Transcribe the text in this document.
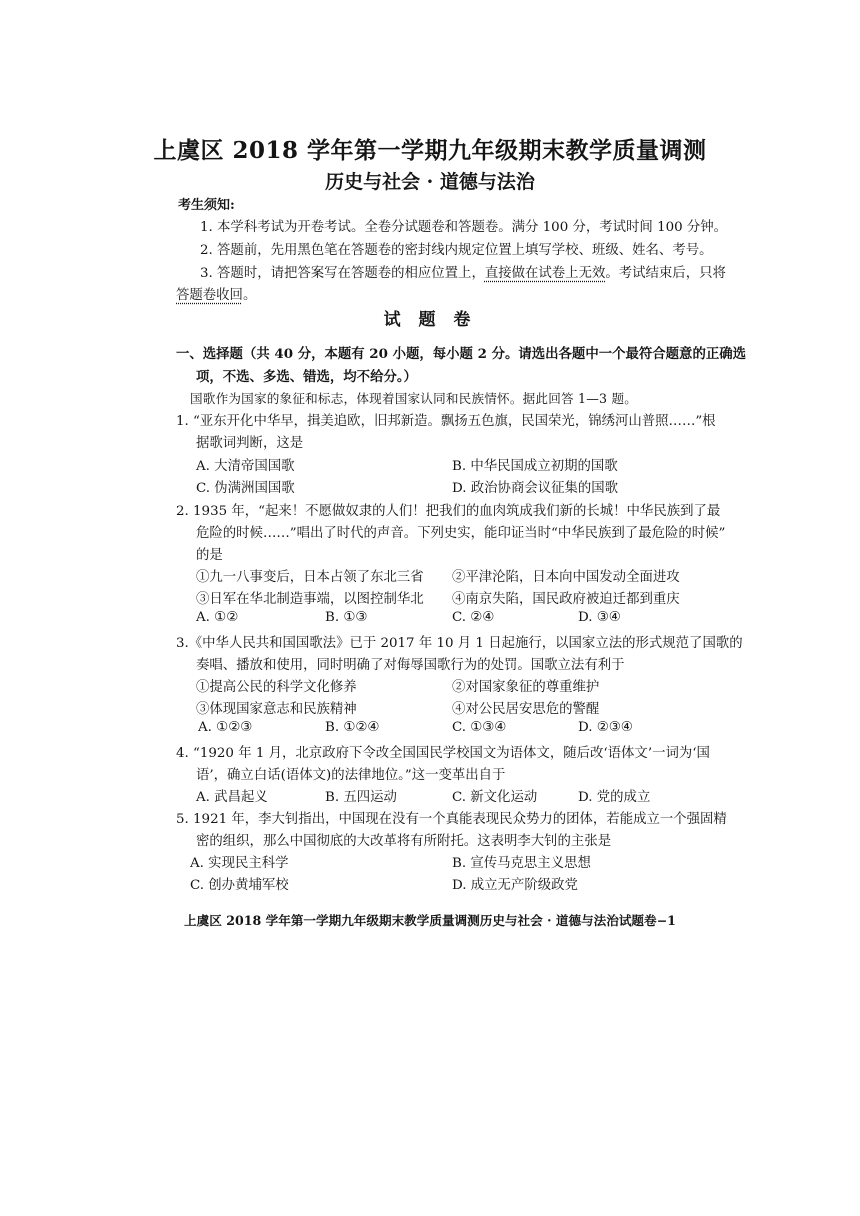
上虞区 2018 学年第一学期九年级期末教学质量调测
历史与社会 · 道德与法治
考生须知:
1. 本学科考试为开卷考试。全卷分试题卷和答题卷。满分 100 分，考试时间 100 分钟。
2. 答题前，先用黑色笔在答题卷的密封线内规定位置上填写学校、班级、姓名、考号。
3. 答题时，请把答案写在答题卷的相应位置上，直接做在试卷上无效。考试结束后，只将
答题卷收回。
试 题 卷
一、选择题（共 40 分，本题有 20 小题，每小题 2 分。请选出各题中一个最符合题意的正确选
项，不选、多选、错选，均不给分。）
国歌作为国家的象征和标志，体现着国家认同和民族情怀。据此回答 1—3 题。
1. “亚东开化中华早，揖美追欧，旧邦新造。飘扬五色旗，民国荣光，锦绣河山普照……”根
据歌词判断，这是
A. 大清帝国国歌	B. 中华民国成立初期的国歌
C. 伪满洲国国歌	D. 政治协商会议征集的国歌
2. 1935 年，“起来！不愿做奴隶的人们！把我们的血肉筑成我们新的长城！中华民族到了最
危险的时候……”唱出了时代的声音。下列史实，能印证当时“中华民族到了最危险的时候”
的是
①九一八事变后，日本占领了东北三省 ②平津沦陷，日本向中国发动全面进攻
③日军在华北制造事端，以图控制华北 ④南京失陷，国民政府被迫迁都到重庆
A. ①②	B. ①③	C. ②④	D. ③④
3.《中华人民共和国国歌法》已于 2017 年 10 月 1 日起施行，以国家立法的形式规范了国歌的
奏唱、播放和使用，同时明确了对侮辱国歌行为的处罚。国歌立法有利于
①提高公民的科学文化修养	②对国家象征的尊重维护
③体现国家意志和民族精神	④对公民居安思危的警醒
A. ①②③	B. ①②④	C. ①③④	D. ②③④
4. “1920 年 1 月，北京政府下令改全国国民学校国文为语体文，随后改‘语体文’一词为‘国
语’，确立白话(语体文)的法律地位。”这一变革出自于
A. 武昌起义	B. 五四运动	C. 新文化运动	D. 党的成立
5. 1921 年，李大钊指出，中国现在没有一个真能表现民众势力的团体，若能成立一个强固精
密的组织，那么中国彻底的大改革将有所附托。这表明李大钊的主张是
A. 实现民主科学	B. 宣传马克思主义思想
C. 创办黄埔军校	D. 成立无产阶级政党
上虞区 2018 学年第一学期九年级期末教学质量调测历史与社会 · 道德与法治试题卷−1
